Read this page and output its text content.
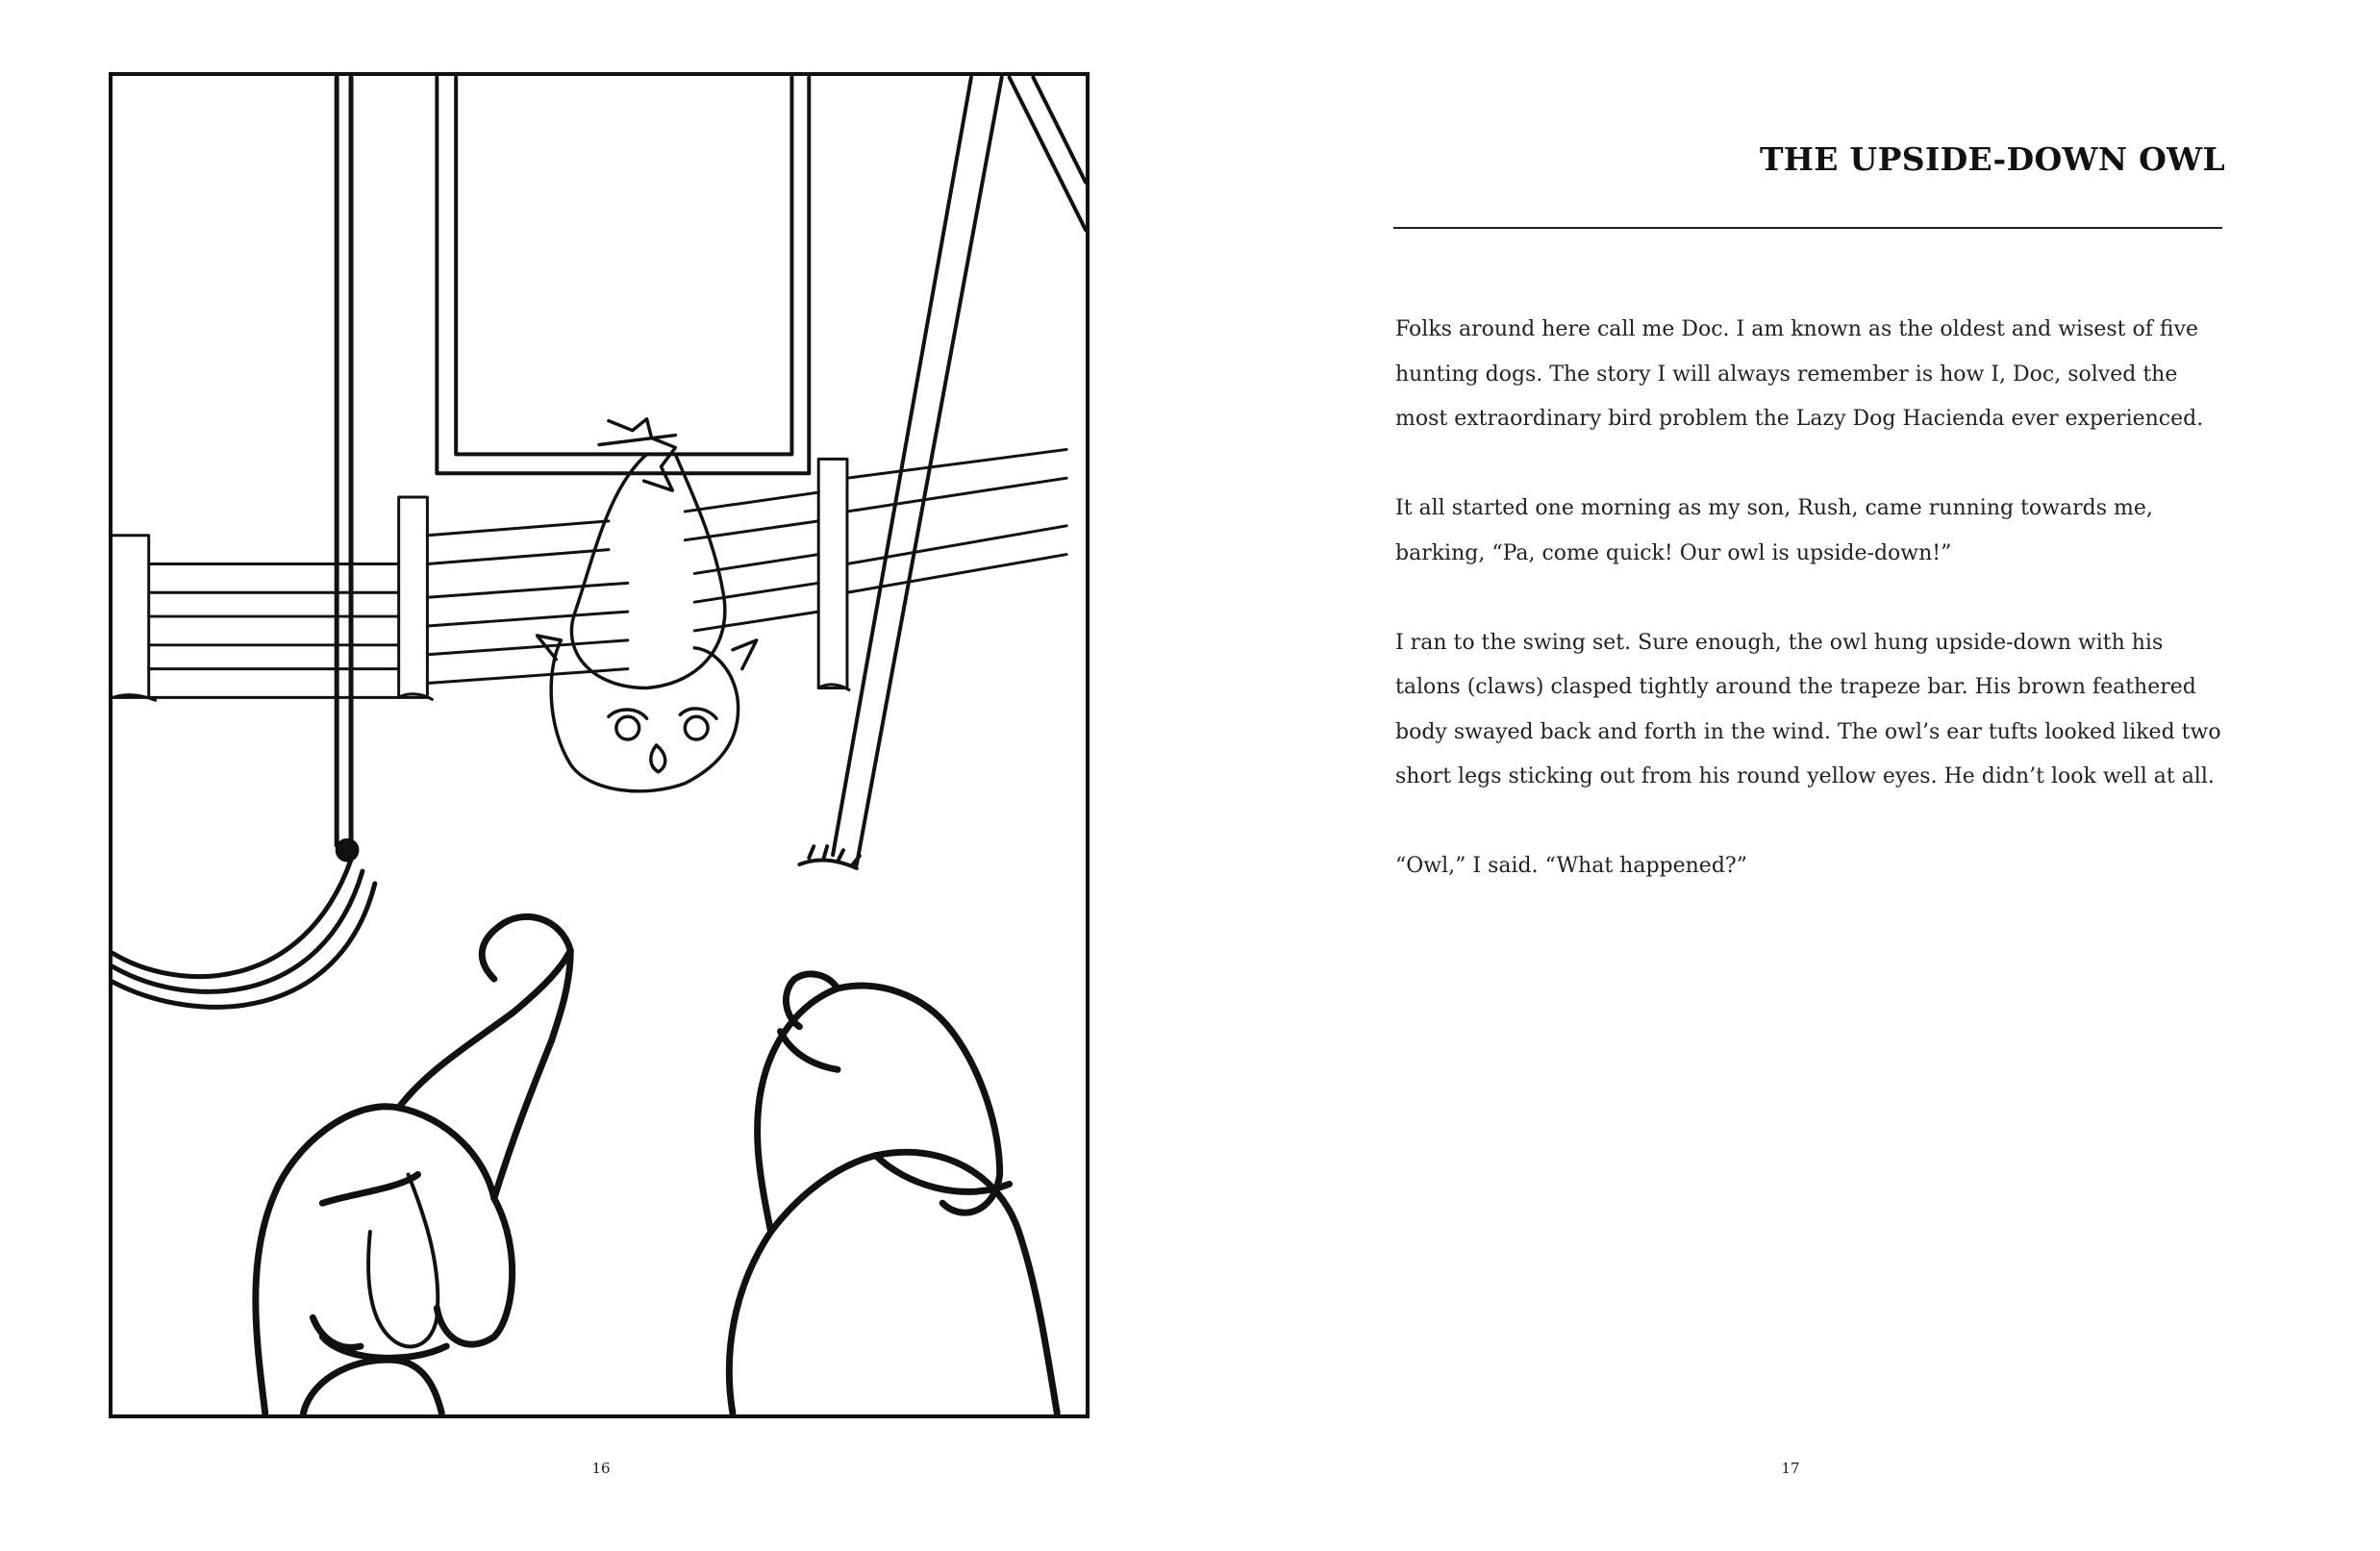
16
THE UPSIDE-DOWN OWL

Folks around here call me Doc. I am known as the oldest and wisest of five hunting dogs. The story I will always remember is how I, Doc, solved the most extraordinary bird problem the Lazy Dog Hacienda ever experienced.

It all started one morning as my son, Rush, came running towards me, barking, “Pa, come quick! Our owl is upside-down!”

I ran to the swing set. Sure enough, the owl hung upside-down with his talons (claws) clasped tightly around the trapeze bar. His brown feathered body swayed back and forth in the wind. The owl’s ear tufts looked liked two short legs sticking out from his round yellow eyes. He didn’t look well at all.

“Owl,” I said. “What happened?”

17
